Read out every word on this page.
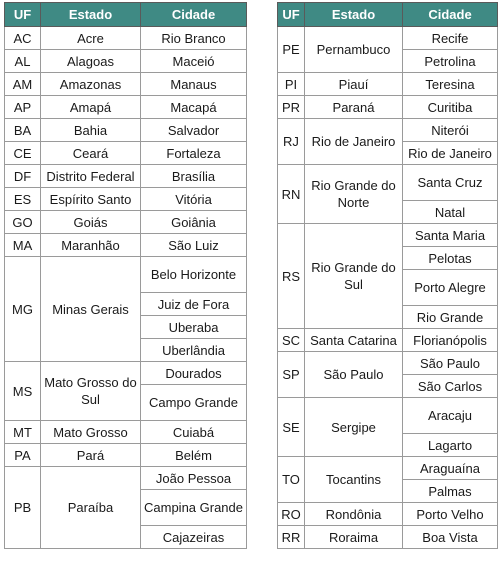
UF	Estado	Cidade
AC	Acre	Rio Branco
AL	Alagoas	Maceió
AM	Amazonas	Manaus
AP	Amapá	Macapá
BA	Bahia	Salvador
CE	Ceará	Fortaleza
DF	Distrito Federal	Brasília
ES	Espírito Santo	Vitória
GO	Goiás	Goiânia
MA	Maranhão	São Luiz
MG	Minas Gerais	Belo Horizonte
		Juiz de Fora
		Uberaba
		Uberlândia
MS	Mato Grosso do Sul	Dourados
		Campo Grande
MT	Mato Grosso	Cuiabá
PA	Pará	Belém
PB	Paraíba	João Pessoa
		Campina Grande
		Cajazeiras
UF	Estado	Cidade
PE	Pernambuco	Recife
		Petrolina
PI	Piauí	Teresina
PR	Paraná	Curitiba
RJ	Rio de Janeiro	Niterói
		Rio de Janeiro
RN	Rio Grande do Norte	Santa Cruz
		Natal
RS	Rio Grande do Sul	Santa Maria
		Pelotas
		Porto Alegre
		Rio Grande
SC	Santa Catarina	Florianópolis
SP	São Paulo	São Paulo
		São Carlos
SE	Sergipe	Aracaju
		Lagarto
TO	Tocantins	Araguaína
		Palmas
RO	Rondônia	Porto Velho
RR	Roraima	Boa Vista
